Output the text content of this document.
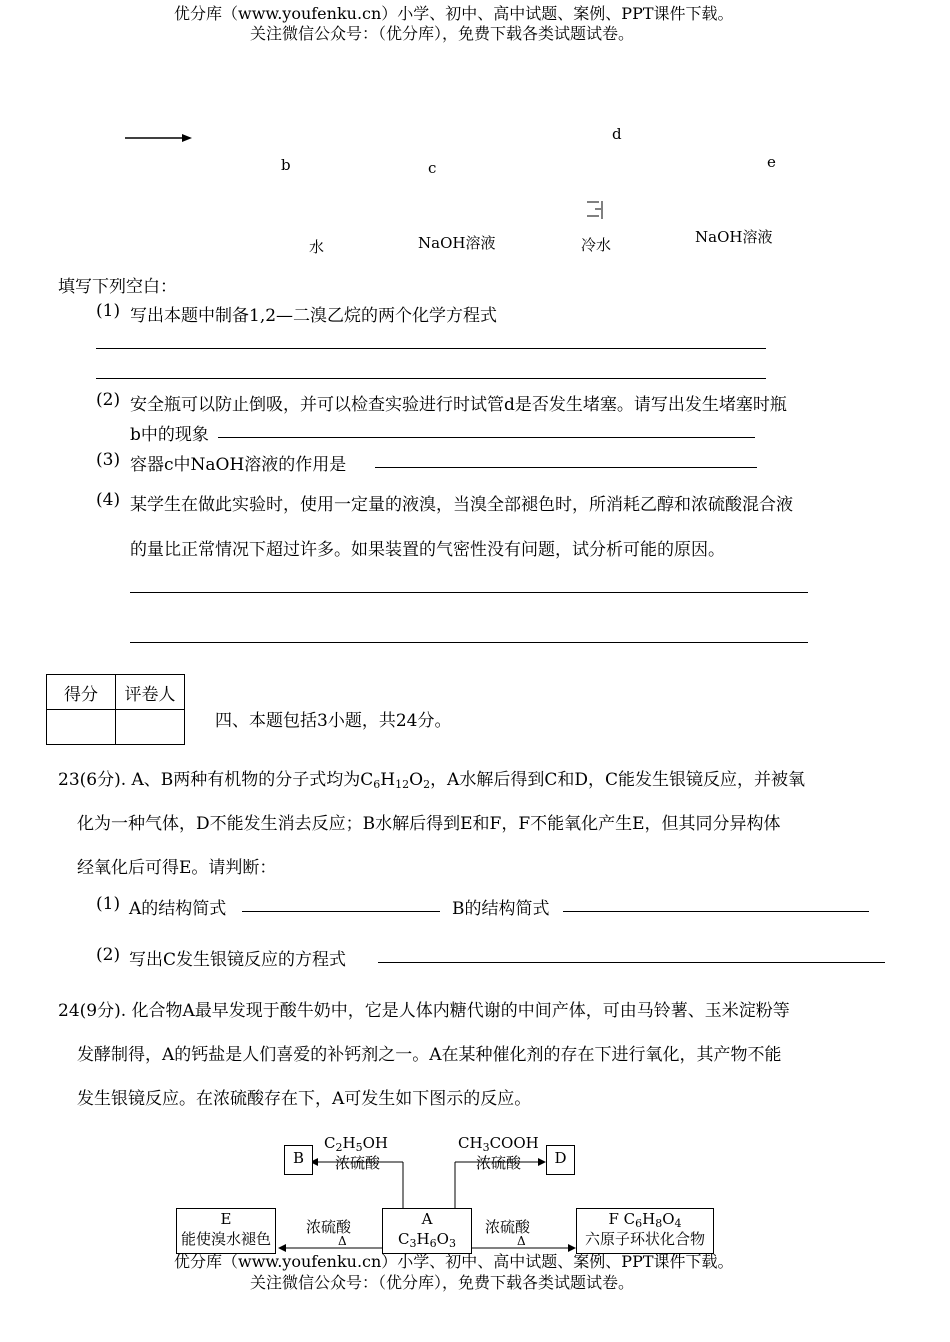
优分库（www.youfenku.cn）小学、初中、高中试题、案例、PPT课件下载。
关注微信公众号：（优分库），免费下载各类试题试卷。
b	c
d
e
水	NaOH溶液	冷水	NaOH溶液
填写下列空白：
(1) 写出本题中制备1,2—二溴乙烷的两个化学方程式
(2) 安全瓶可以防止倒吸，并可以检查实验进行时试管d是否发生堵塞。请写出发生堵塞时瓶
b中的现象
(3) 容器c中NaOH溶液的作用是
(4) 某学生在做此实验时，使用一定量的液溴，当溴全部褪色时，所消耗乙醇和浓硫酸混合液
的量比正常情况下超过许多。如果装置的气密性没有问题，试分析可能的原因。
得分	评卷人

四、本题包括3小题，共24分。
23(6分). A、B两种有机物的分子式均为$C_6H_{12}O_2$，A水解后得到C和D，C能发生银镜反应，并被氧
化为一种气体，D不能发生消去反应；B水解后得到E和F，F不能氧化产生E，但其同分异构体
经氧化后可得E。请判断：
(1) A的结构简式	B的结构简式
(2) 写出C发生银镜反应的方程式
24(9分). 化合物A最早发现于酸牛奶中，它是人体内糖代谢的中间产体，可由马铃薯、玉米淀粉等
发酵制得，A的钙盐是人们喜爱的补钙剂之一。A在某种催化剂的存在下进行氧化，其产物不能
发生银镜反应。在浓硫酸存在下，A可发生如下图示的反应。
B	D
$C_2H_5OH$
浓硫酸
$CH_3COOH$
浓硫酸
A
$C_3H_6O_3$
E
能使溴水褪色
F $C_6H_8O_4$
六原子环状化合物
浓硫酸
Δ
浓硫酸
Δ
优分库（www.youfenku.cn）小学、初中、高中试题、案例、PPT课件下载。
关注微信公众号：（优分库），免费下载各类试题试卷。
